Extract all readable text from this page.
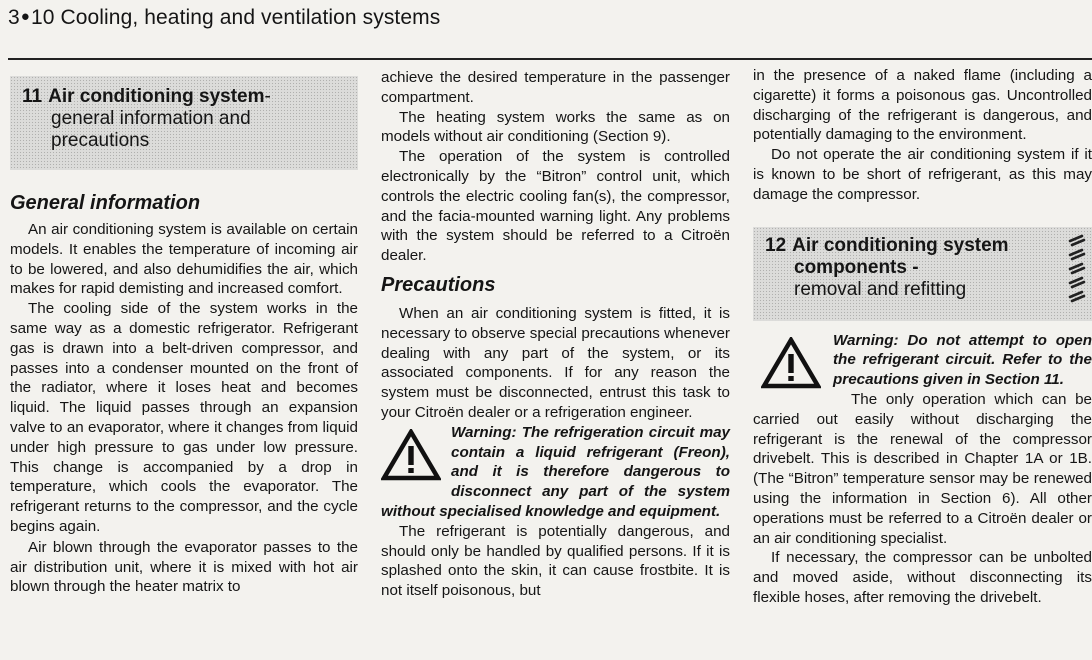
3●10 Cooling, heating and ventilation systems
11 Air conditioning system -
general information and
precautions
General information

An air conditioning system is available on certain models. It enables the temperature of incoming air to be lowered, and also dehumidifies the air, which makes for rapid demisting and increased comfort.

The cooling side of the system works in the same way as a domestic refrigerator. Refrigerant gas is drawn into a belt-driven compressor, and passes into a condenser mounted on the front of the radiator, where it loses heat and becomes liquid. The liquid passes through an expansion valve to an evaporator, where it changes from liquid under high pressure to gas under low pressure. This change is accompanied by a drop in temperature, which cools the evaporator. The refrigerant returns to the compressor, and the cycle begins again.

Air blown through the evaporator passes to the air distribution unit, where it is mixed with hot air blown through the heater matrix to

achieve the desired temperature in the passenger compartment.

The heating system works the same as on models without air conditioning (Section 9).

The operation of the system is controlled electronically by the “Bitron” control unit, which controls the electric cooling fan(s), the compressor, and the facia-mounted warning light. Any problems with the system should be referred to a Citroën dealer.

Precautions

When an air conditioning system is fitted, it is necessary to observe special precautions whenever dealing with any part of the system, or its associated components. If for any reason the system must be disconnected, entrust this task to your Citroën dealer or a refrigeration engineer.

Warning: The refrigeration circuit may contain a liquid refrigerant (Freon), and it is therefore dangerous to disconnect any part of the system without specialised knowledge and equipment.

The refrigerant is potentially dangerous, and should only be handled by qualified persons. If it is splashed onto the skin, it can cause frostbite. It is not itself poisonous, but

in the presence of a naked flame (including a cigarette) it forms a poisonous gas. Uncontrolled discharging of the refrigerant is dangerous, and potentially damaging to the environment.

Do not operate the air conditioning system if it is known to be short of refrigerant, as this may damage the compressor.

12 Air conditioning system
components -
removal and refitting

Warning: Do not attempt to open the refrigerant circuit. Refer to the precautions given in Section 11.

The only operation which can be carried out easily without discharging the refrigerant is the renewal of the compressor drivebelt. This is described in Chapter 1A or 1B. (The “Bitron” temperature sensor may be renewed using the information in Section 6). All other operations must be referred to a Citroën dealer or an air conditioning specialist.

If necessary, the compressor can be unbolted and moved aside, without disconnecting its flexible hoses, after removing the drivebelt.
